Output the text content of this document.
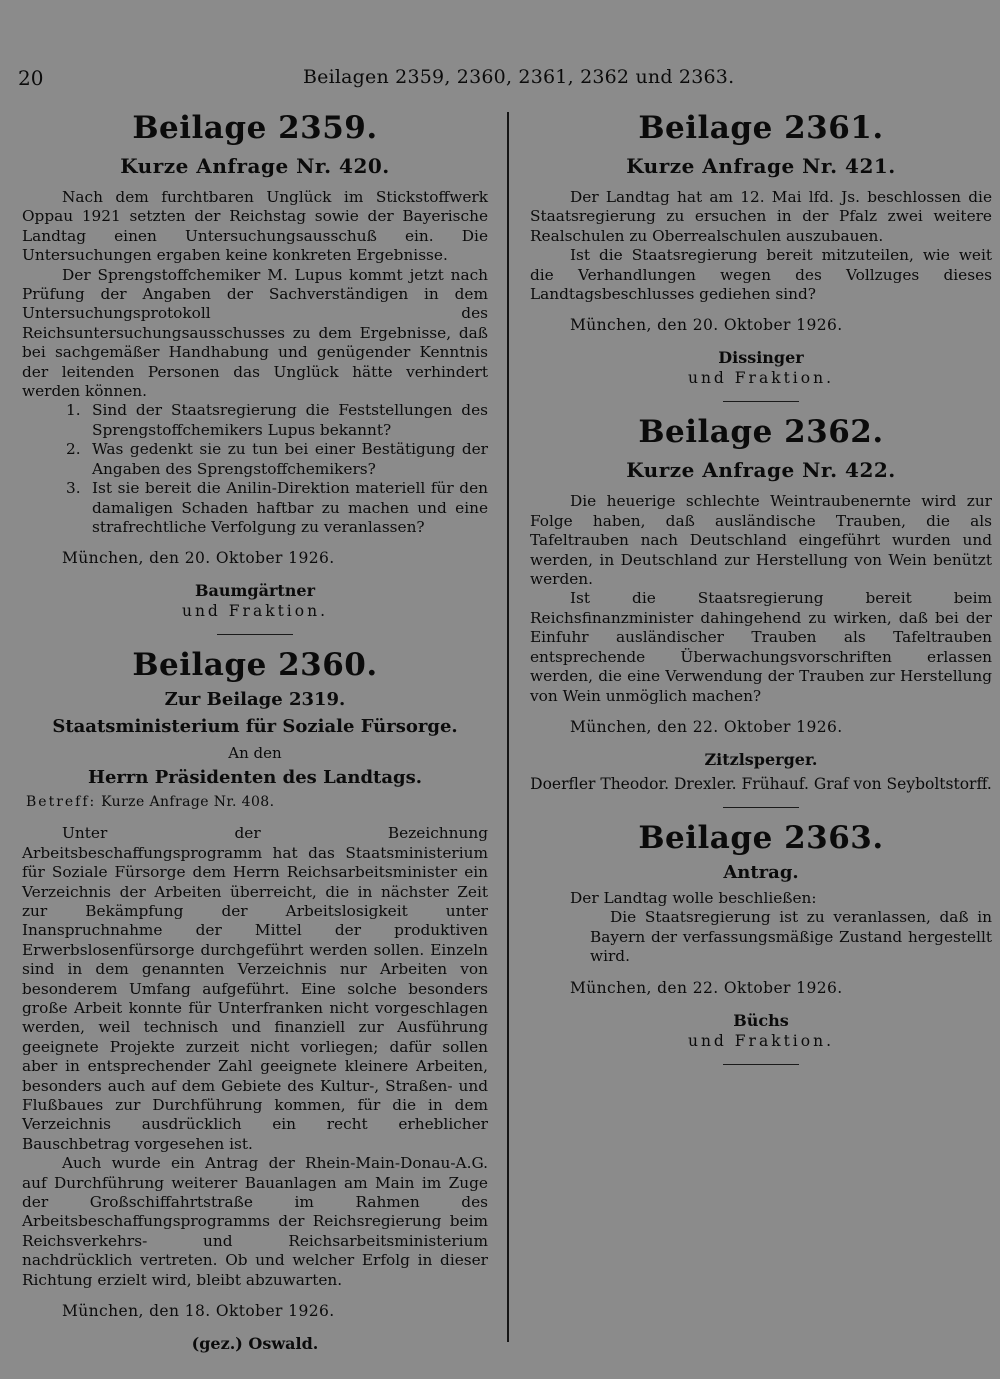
20	Beilagen 2359, 2360, 2361, 2362 und 2363.
Beilage 2359.
Kurze Anfrage Nr. 420.

Nach dem furchtbaren Unglück im Stickstoffwerk Oppau 1921 setzten der Reichstag sowie der Bayerische Landtag einen Untersuchungsausschuß ein. Die Untersuchungen ergaben keine konkreten Ergebnisse.

Der Sprengstoffchemiker M. Lupus kommt jetzt nach Prüfung der Angaben der Sachverständigen in dem Untersuchungsprotokoll des Reichsuntersuchungsausschusses zu dem Ergebnisse, daß bei sachgemäßer Handhabung und genügender Kenntnis der leitenden Personen das Unglück hätte verhindert werden können.

1. Sind der Staatsregierung die Feststellungen des Sprengstoffchemikers Lupus bekannt?
2. Was gedenkt sie zu tun bei einer Bestätigung der Angaben des Sprengstoffchemikers?
3. Ist sie bereit die Anilin-Direktion materiell für den damaligen Schaden haftbar zu machen und eine strafrechtliche Verfolgung zu veranlassen?
München, den 20. Oktober 1926.

Baumgärtner

und Fraktion.

Beilage 2360.
Zur Beilage 2319.
Staatsministerium für Soziale Fürsorge.

An den

Herrn Präsidenten des Landtags.
Betreff: Kurze Anfrage Nr. 408.

Unter der Bezeichnung Arbeitsbeschaffungsprogramm hat das Staatsministerium für Soziale Fürsorge dem Herrn Reichsarbeitsminister ein Verzeichnis der Arbeiten überreicht, die in nächster Zeit zur Bekämpfung der Arbeitslosigkeit unter Inanspruchnahme der Mittel der produktiven Erwerbslosenfürsorge durchgeführt werden sollen. Einzeln sind in dem genannten Verzeichnis nur Arbeiten von besonderem Umfang aufgeführt. Eine solche besonders große Arbeit konnte für Unterfranken nicht vorgeschlagen werden, weil technisch und finanziell zur Ausführung geeignete Projekte zurzeit nicht vorliegen; dafür sollen aber in entsprechender Zahl geeignete kleinere Arbeiten, besonders auch auf dem Gebiete des Kultur-, Straßen- und Flußbaues zur Durchführung kommen, für die in dem Verzeichnis ausdrücklich ein recht erheblicher Bauschbetrag vorgesehen ist.

Auch wurde ein Antrag der Rhein-Main-Donau-A.G. auf Durchführung weiterer Bauanlagen am Main im Zuge der Großschiffahrtstraße im Rahmen des Arbeitsbeschaffungsprogramms der Reichsregierung beim Reichsverkehrs- und Reichsarbeitsministerium nachdrücklich vertreten. Ob und welcher Erfolg in dieser Richtung erzielt wird, bleibt abzuwarten.

München, den 18. Oktober 1926.

(gez.) Oswald.

Beilage 2361.
Kurze Anfrage Nr. 421.

Der Landtag hat am 12. Mai lfd. Js. beschlossen die Staatsregierung zu ersuchen in der Pfalz zwei weitere Realschulen zu Oberrealschulen auszubauen.

Ist die Staatsregierung bereit mitzuteilen, wie weit die Verhandlungen wegen des Vollzuges dieses Landtagsbeschlusses gediehen sind?

München, den 20. Oktober 1926.

Dissinger

und Fraktion.

Beilage 2362.
Kurze Anfrage Nr. 422.

Die heuerige schlechte Weintraubenernte wird zur Folge haben, daß ausländische Trauben, die als Tafeltrauben nach Deutschland eingeführt wurden und werden, in Deutschland zur Herstellung von Wein benützt werden.

Ist die Staatsregierung bereit beim Reichsfinanzminister dahingehend zu wirken, daß bei der Einfuhr ausländischer Trauben als Tafeltrauben entsprechende Überwachungsvorschriften erlassen werden, die eine Verwendung der Trauben zur Herstellung von Wein unmöglich machen?

München, den 22. Oktober 1926.

Zitzlsperger.

Doerfler Theodor. Drexler. Frühauf. Graf von Seyboltstorff.

Beilage 2363.
Antrag.

Der Landtag wolle beschließen:

Die Staatsregierung ist zu veranlassen, daß in Bayern der verfassungsmäßige Zustand hergestellt wird.

München, den 22. Oktober 1926.

Büchs

und Fraktion.
